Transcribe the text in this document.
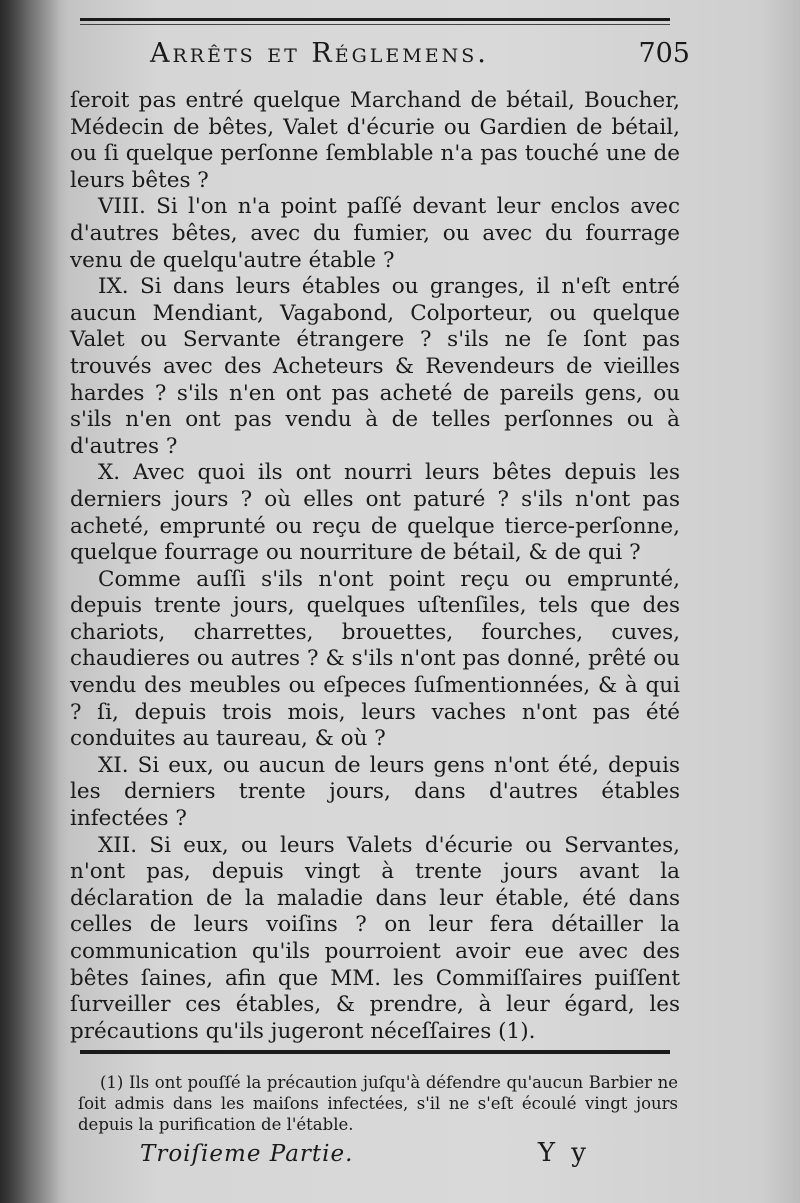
Arrêts et Réglemens.	705

ſeroit pas entré quelque Marchand de bétail, Boucher, Médecin de bêtes, Valet d'écurie ou Gardien de bétail, ou ſi quelque perſonne ſemblable n'a pas touché une de leurs bêtes ?

VIII. Si l'on n'a point paſſé devant leur enclos avec d'autres bêtes, avec du fumier, ou avec du fourrage venu de quelqu'autre étable ?

IX. Si dans leurs étables ou granges, il n'eſt entré aucun Mendiant, Vagabond, Colporteur, ou quelque Valet ou Servante étrangere ? s'ils ne ſe ſont pas trouvés avec des Acheteurs & Revendeurs de vieilles hardes ? s'ils n'en ont pas acheté de pareils gens, ou s'ils n'en ont pas vendu à de telles perſonnes ou à d'autres ?

X. Avec quoi ils ont nourri leurs bêtes depuis les derniers jours ? où elles ont paturé ? s'ils n'ont pas acheté, emprunté ou reçu de quelque tierce-perſonne, quelque fourrage ou nourriture de bétail, & de qui ?

Comme auſſi s'ils n'ont point reçu ou emprunté, depuis trente jours, quelques uſtenſiles, tels que des chariots, charrettes, brouettes, fourches, cuves, chaudieres ou autres ? & s'ils n'ont pas donné, prêté ou vendu des meubles ou eſpeces ſuſmentionnées, & à qui ? ſi, depuis trois mois, leurs vaches n'ont pas été conduites au taureau, & où ?

XI. Si eux, ou aucun de leurs gens n'ont été, depuis les derniers trente jours, dans d'autres étables infectées ?

XII. Si eux, ou leurs Valets d'écurie ou Servantes, n'ont pas, depuis vingt à trente jours avant la déclaration de la maladie dans leur étable, été dans celles de leurs voiſins ? on leur fera détailler la communication qu'ils pourroient avoir eue avec des bêtes ſaines, afin que MM. les Commiſſaires puiſſent ſurveiller ces étables, & prendre, à leur égard, les précautions qu'ils jugeront néceſſaires (1).

(1) Ils ont pouſſé la précaution juſqu'à défendre qu'aucun Barbier ne ſoit admis dans les maiſons infectées, s'il ne s'eſt écoulé vingt jours depuis la purification de l'étable.

Troiſieme Partie.	Y y
